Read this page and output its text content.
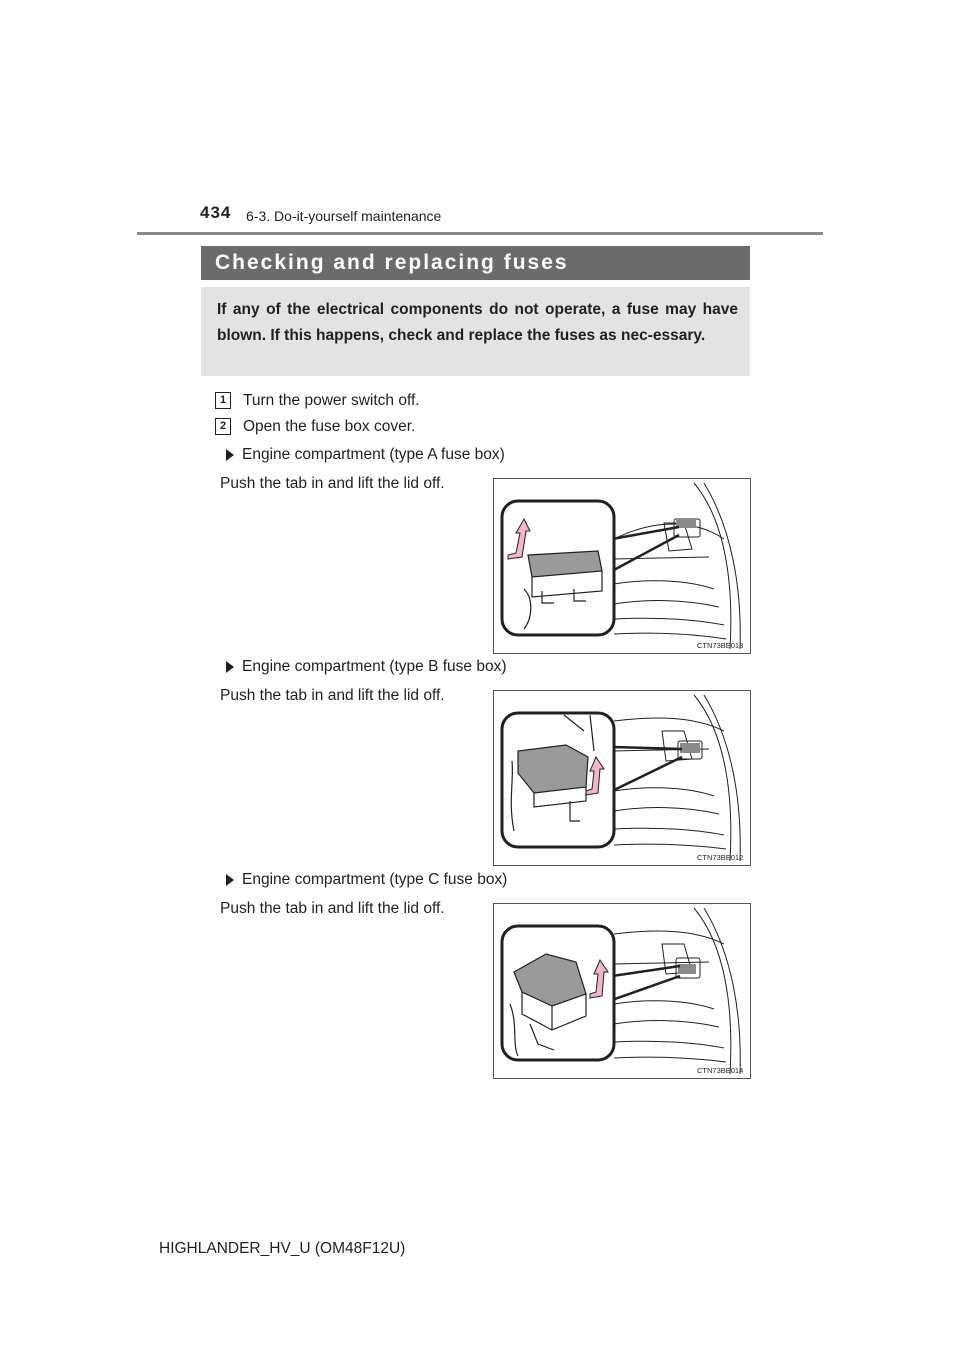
434 6-3. Do-it-yourself maintenance
Checking and replacing fuses
If any of the electrical components do not operate, a fuse may have blown. If this happens, check and replace the fuses as nec-essary.
1	Turn the power switch off.
2	Open the fuse box cover.
Engine compartment (type A fuse box)
Push the tab in and lift the lid off.
CTN73BE013
Engine compartment (type B fuse box)
Push the tab in and lift the lid off.
CTN73BE012
Engine compartment (type C fuse box)
Push the tab in and lift the lid off.
CTN73BE014
HIGHLANDER_HV_U (OM48F12U)
